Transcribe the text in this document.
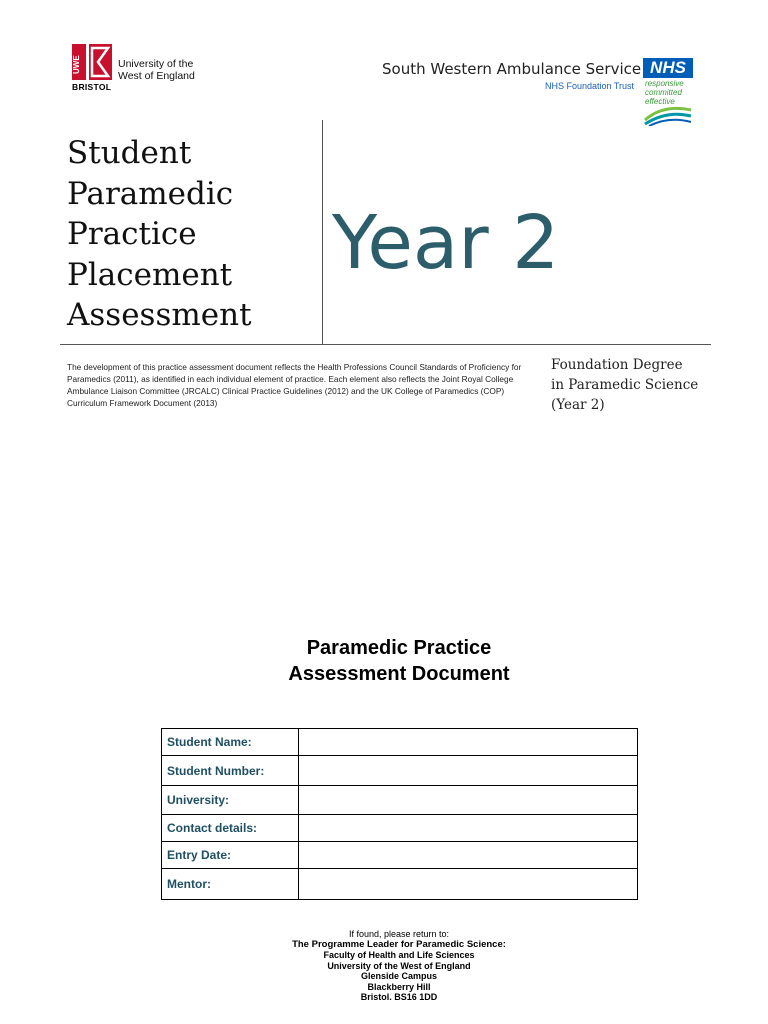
UWE	University of the
West of England
BRISTOL
South Western Ambulance Service
NHS Foundation Trust
NHS
responsive
committed
effective
Student
Paramedic
Practice
Placement
Assessment
Year 2
The development of this practice assessment document reflects the Health Professions Council Standards of Proficiency for Paramedics (2011), as identified in each individual element of practice. Each element also reflects the Joint Royal College Ambulance Liaison Committee (JRCALC) Clinical Practice Guidelines (2012) and the UK College of Paramedics (COP) Curriculum Framework Document (2013)
Foundation Degree
in Paramedic Science
(Year 2)
Paramedic Practice
Assessment Document
Student Name:	
Student Number:	
University:	
Contact details:	
Entry Date:	
Mentor:	
If found, please return to:
The Programme Leader for Paramedic Science:
Faculty of Health and Life Sciences
University of the West of England
Glenside Campus
Blackberry Hill
Bristol. BS16 1DD
